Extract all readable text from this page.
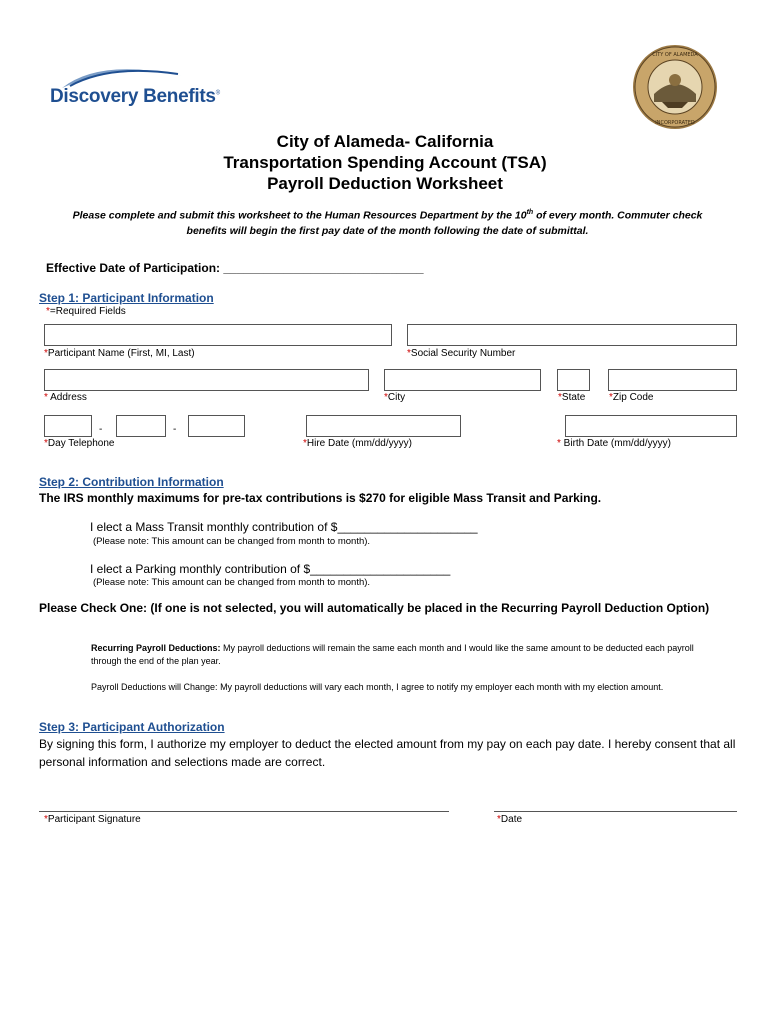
Discovery Benefits®
CITY OF ALAMEDA
INCORPORATED
City of Alameda- California
Transportation Spending Account (TSA)
Payroll Deduction Worksheet
Please complete and submit this worksheet to the Human Resources Department by the 10th of every month. Commuter check benefits will begin the first pay date of the month following the date of submittal.
Effective Date of Participation: ______________________________
Step 1: Participant Information
*=Required Fields
*Participant Name (First, MI, Last)	*Social Security Number
* Address	*City	*State *Zip Code
-	-
*Day Telephone	*Hire Date (mm/dd/yyyy)	* Birth Date (mm/dd/yyyy)
Step 2: Contribution Information
The IRS monthly maximums for pre-tax contributions is $270 for eligible Mass Transit and Parking.
I elect a Mass Transit monthly contribution of $_____________________
(Please note: This amount can be changed from month to month).
I elect a Parking monthly contribution of $_____________________
(Please note: This amount can be changed from month to month).
Please Check One: (If one is not selected, you will automatically be placed in the Recurring Payroll Deduction Option)
Recurring Payroll Deductions: My payroll deductions will remain the same each month and I would like the same amount to be deducted each payroll through the end of the plan year.
Payroll Deductions will Change: My payroll deductions will vary each month, I agree to notify my employer each month with my election amount.
Step 3: Participant Authorization
By signing this form, I authorize my employer to deduct the elected amount from my pay on each pay date. I hereby consent that all personal information and selections made are correct.
*Participant Signature	*Date
